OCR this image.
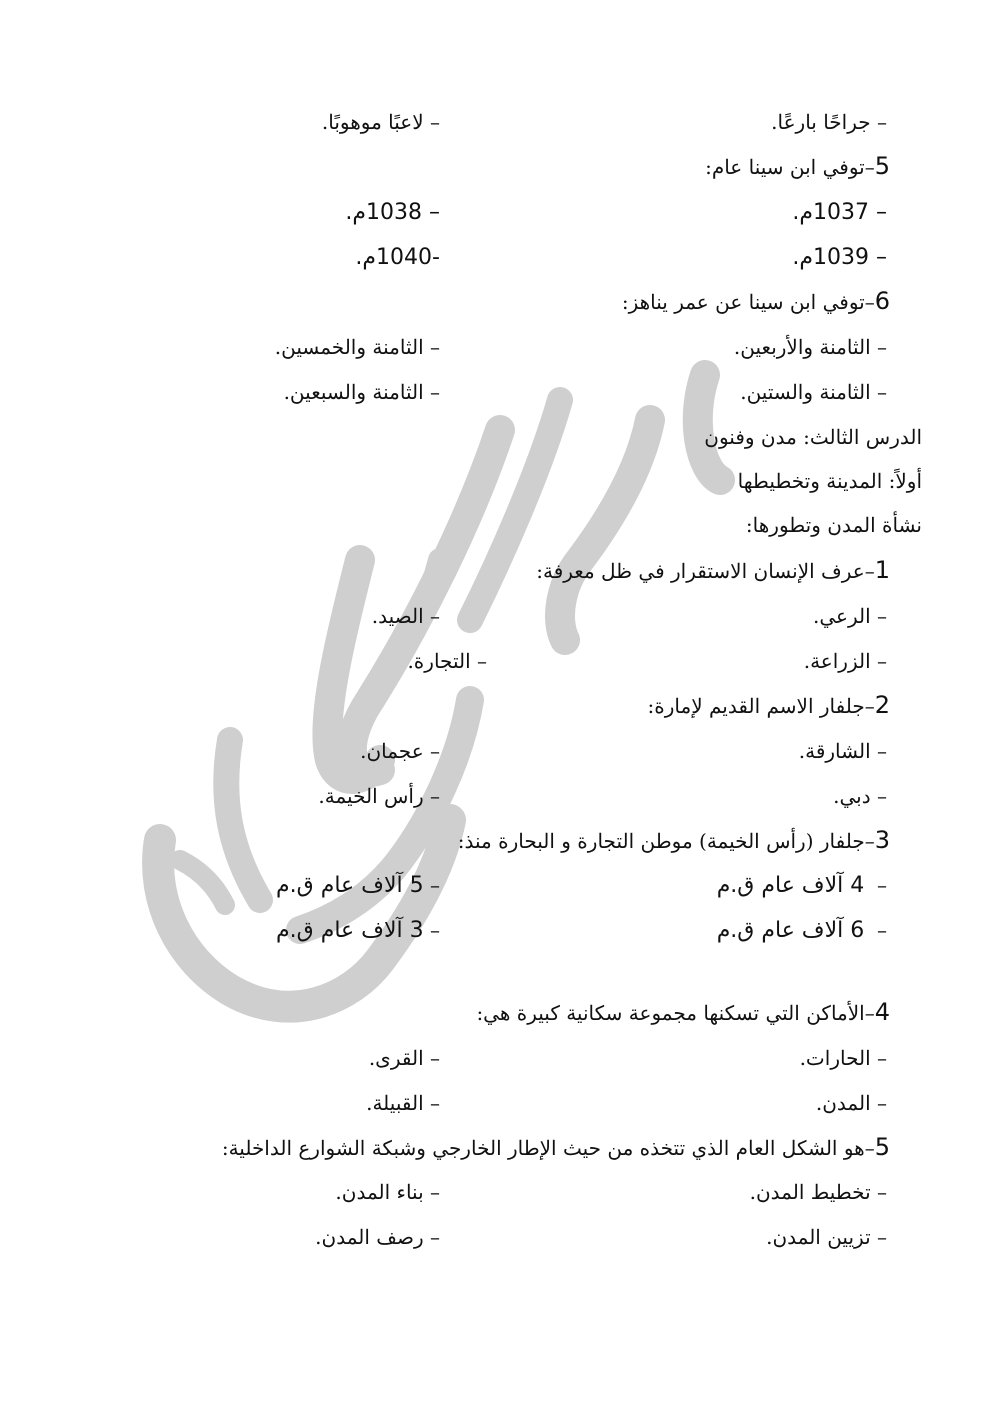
– جراحًا بارعًا.
– لاعبًا موهوبًا.
5–توفي ابن سينا عام:
– 1037م.
– 1038م.
– 1039م.
-1040م.
6–توفي ابن سينا عن عمر يناهز:
– الثامنة والأربعين.
– الثامنة والخمسين.
– الثامنة والستين.
– الثامنة والسبعين.
الدرس الثالث: مدن وفنون
أولاً: المدينة وتخطيطها
نشأة المدن وتطورها:
1–عرف الإنسان الاستقرار في ظل معرفة:
– الرعي.
– الصيد.
– الزراعة.
– التجارة.
2–جلفار الاسم القديم لإمارة:
– الشارقة.
– عجمان.
– دبي.
– رأس الخيمة.
3–جلفار (رأس الخيمة) موطن التجارة و البحارة منذ:
–  4 آلاف عام ق.م
– 5 آلاف عام ق.م
–  6 آلاف عام ق.م
– 3 آلاف عام ق.م
4–الأماكن التي تسكنها مجموعة سكانية كبيرة هي:
– الحارات.
– القرى.
– المدن.
– القبيلة.
5–هو الشكل العام الذي تتخذه من حيث الإطار الخارجي وشبكة الشوارع الداخلية:
– تخطيط المدن.
– بناء المدن.
– تزيين المدن.
– رصف المدن.
